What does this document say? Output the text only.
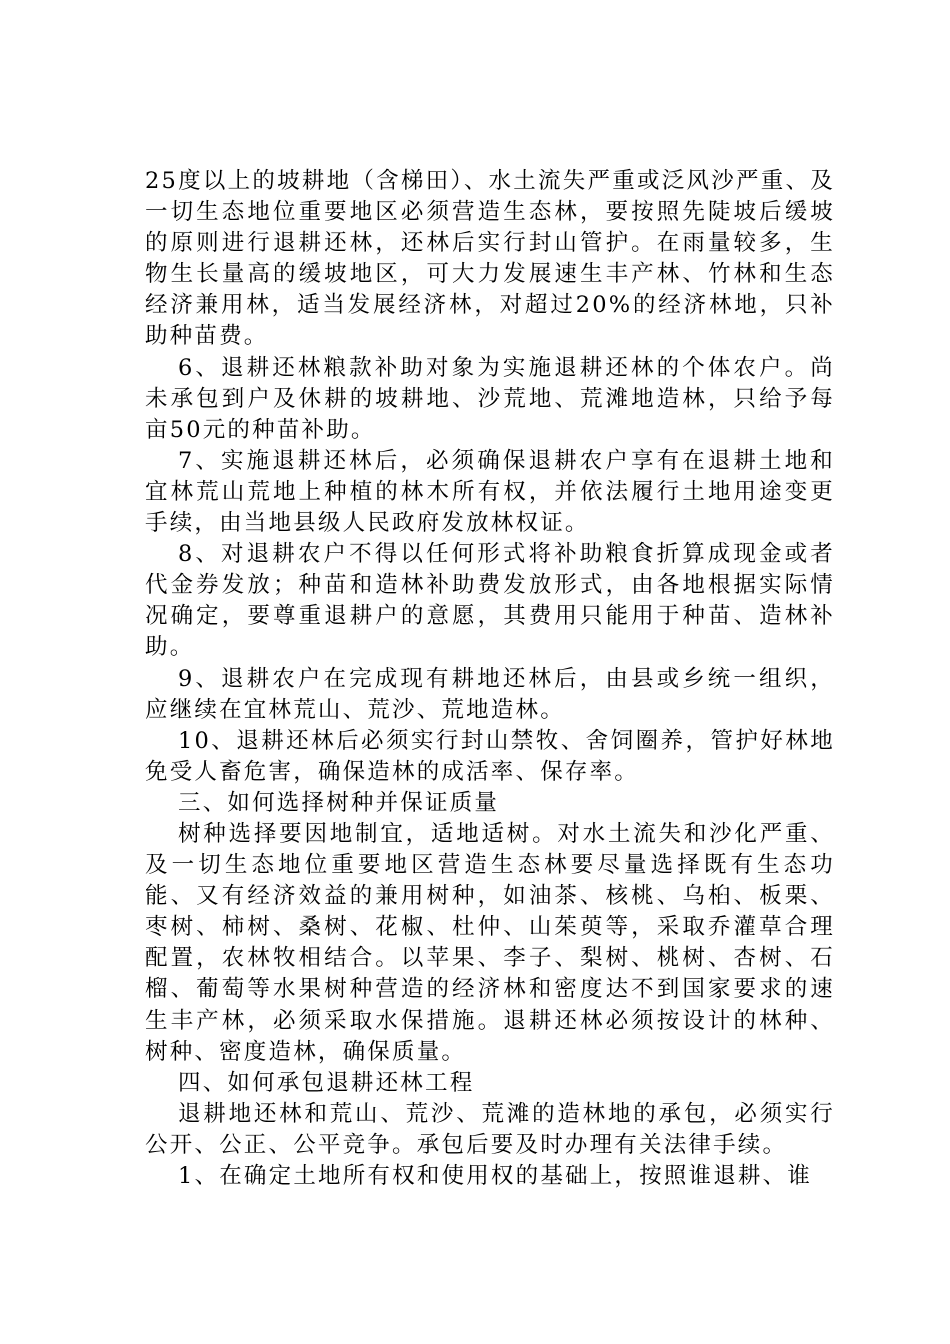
25度以上的坡耕地（含梯田）、水土流失严重或泛风沙严重、及一切生态地位重要地区必须营造生态林，要按照先陡坡后缓坡的原则进行退耕还林，还林后实行封山管护。在雨量较多，生物生长量高的缓坡地区，可大力发展速生丰产林、竹林和生态经济兼用林，适当发展经济林，对超过20%的经济林地，只补助种苗费。

6、退耕还林粮款补助对象为实施退耕还林的个体农户。尚未承包到户及休耕的坡耕地、沙荒地、荒滩地造林，只给予每亩50元的种苗补助。

7、实施退耕还林后，必须确保退耕农户享有在退耕土地和宜林荒山荒地上种植的林木所有权，并依法履行土地用途变更手续，由当地县级人民政府发放林权证。

8、对退耕农户不得以任何形式将补助粮食折算成现金或者代金券发放；种苗和造林补助费发放形式，由各地根据实际情况确定，要尊重退耕户的意愿，其费用只能用于种苗、造林补助。

9、退耕农户在完成现有耕地还林后，由县或乡统一组织，应继续在宜林荒山、荒沙、荒地造林。

10、退耕还林后必须实行封山禁牧、舍饲圈养，管护好林地免受人畜危害，确保造林的成活率、保存率。

三、如何选择树种并保证质量

树种选择要因地制宜，适地适树。对水土流失和沙化严重、及一切生态地位重要地区营造生态林要尽量选择既有生态功能、又有经济效益的兼用树种，如油茶、核桃、乌桕、板栗、枣树、柿树、桑树、花椒、杜仲、山茱萸等，采取乔灌草合理配置，农林牧相结合。以苹果、李子、梨树、桃树、杏树、石榴、葡萄等水果树种营造的经济林和密度达不到国家要求的速生丰产林，必须采取水保措施。退耕还林必须按设计的林种、树种、密度造林，确保质量。

四、如何承包退耕还林工程

退耕地还林和荒山、荒沙、荒滩的造林地的承包，必须实行公开、公正、公平竞争。承包后要及时办理有关法律手续。

1、在确定土地所有权和使用权的基础上，按照谁退耕、谁
